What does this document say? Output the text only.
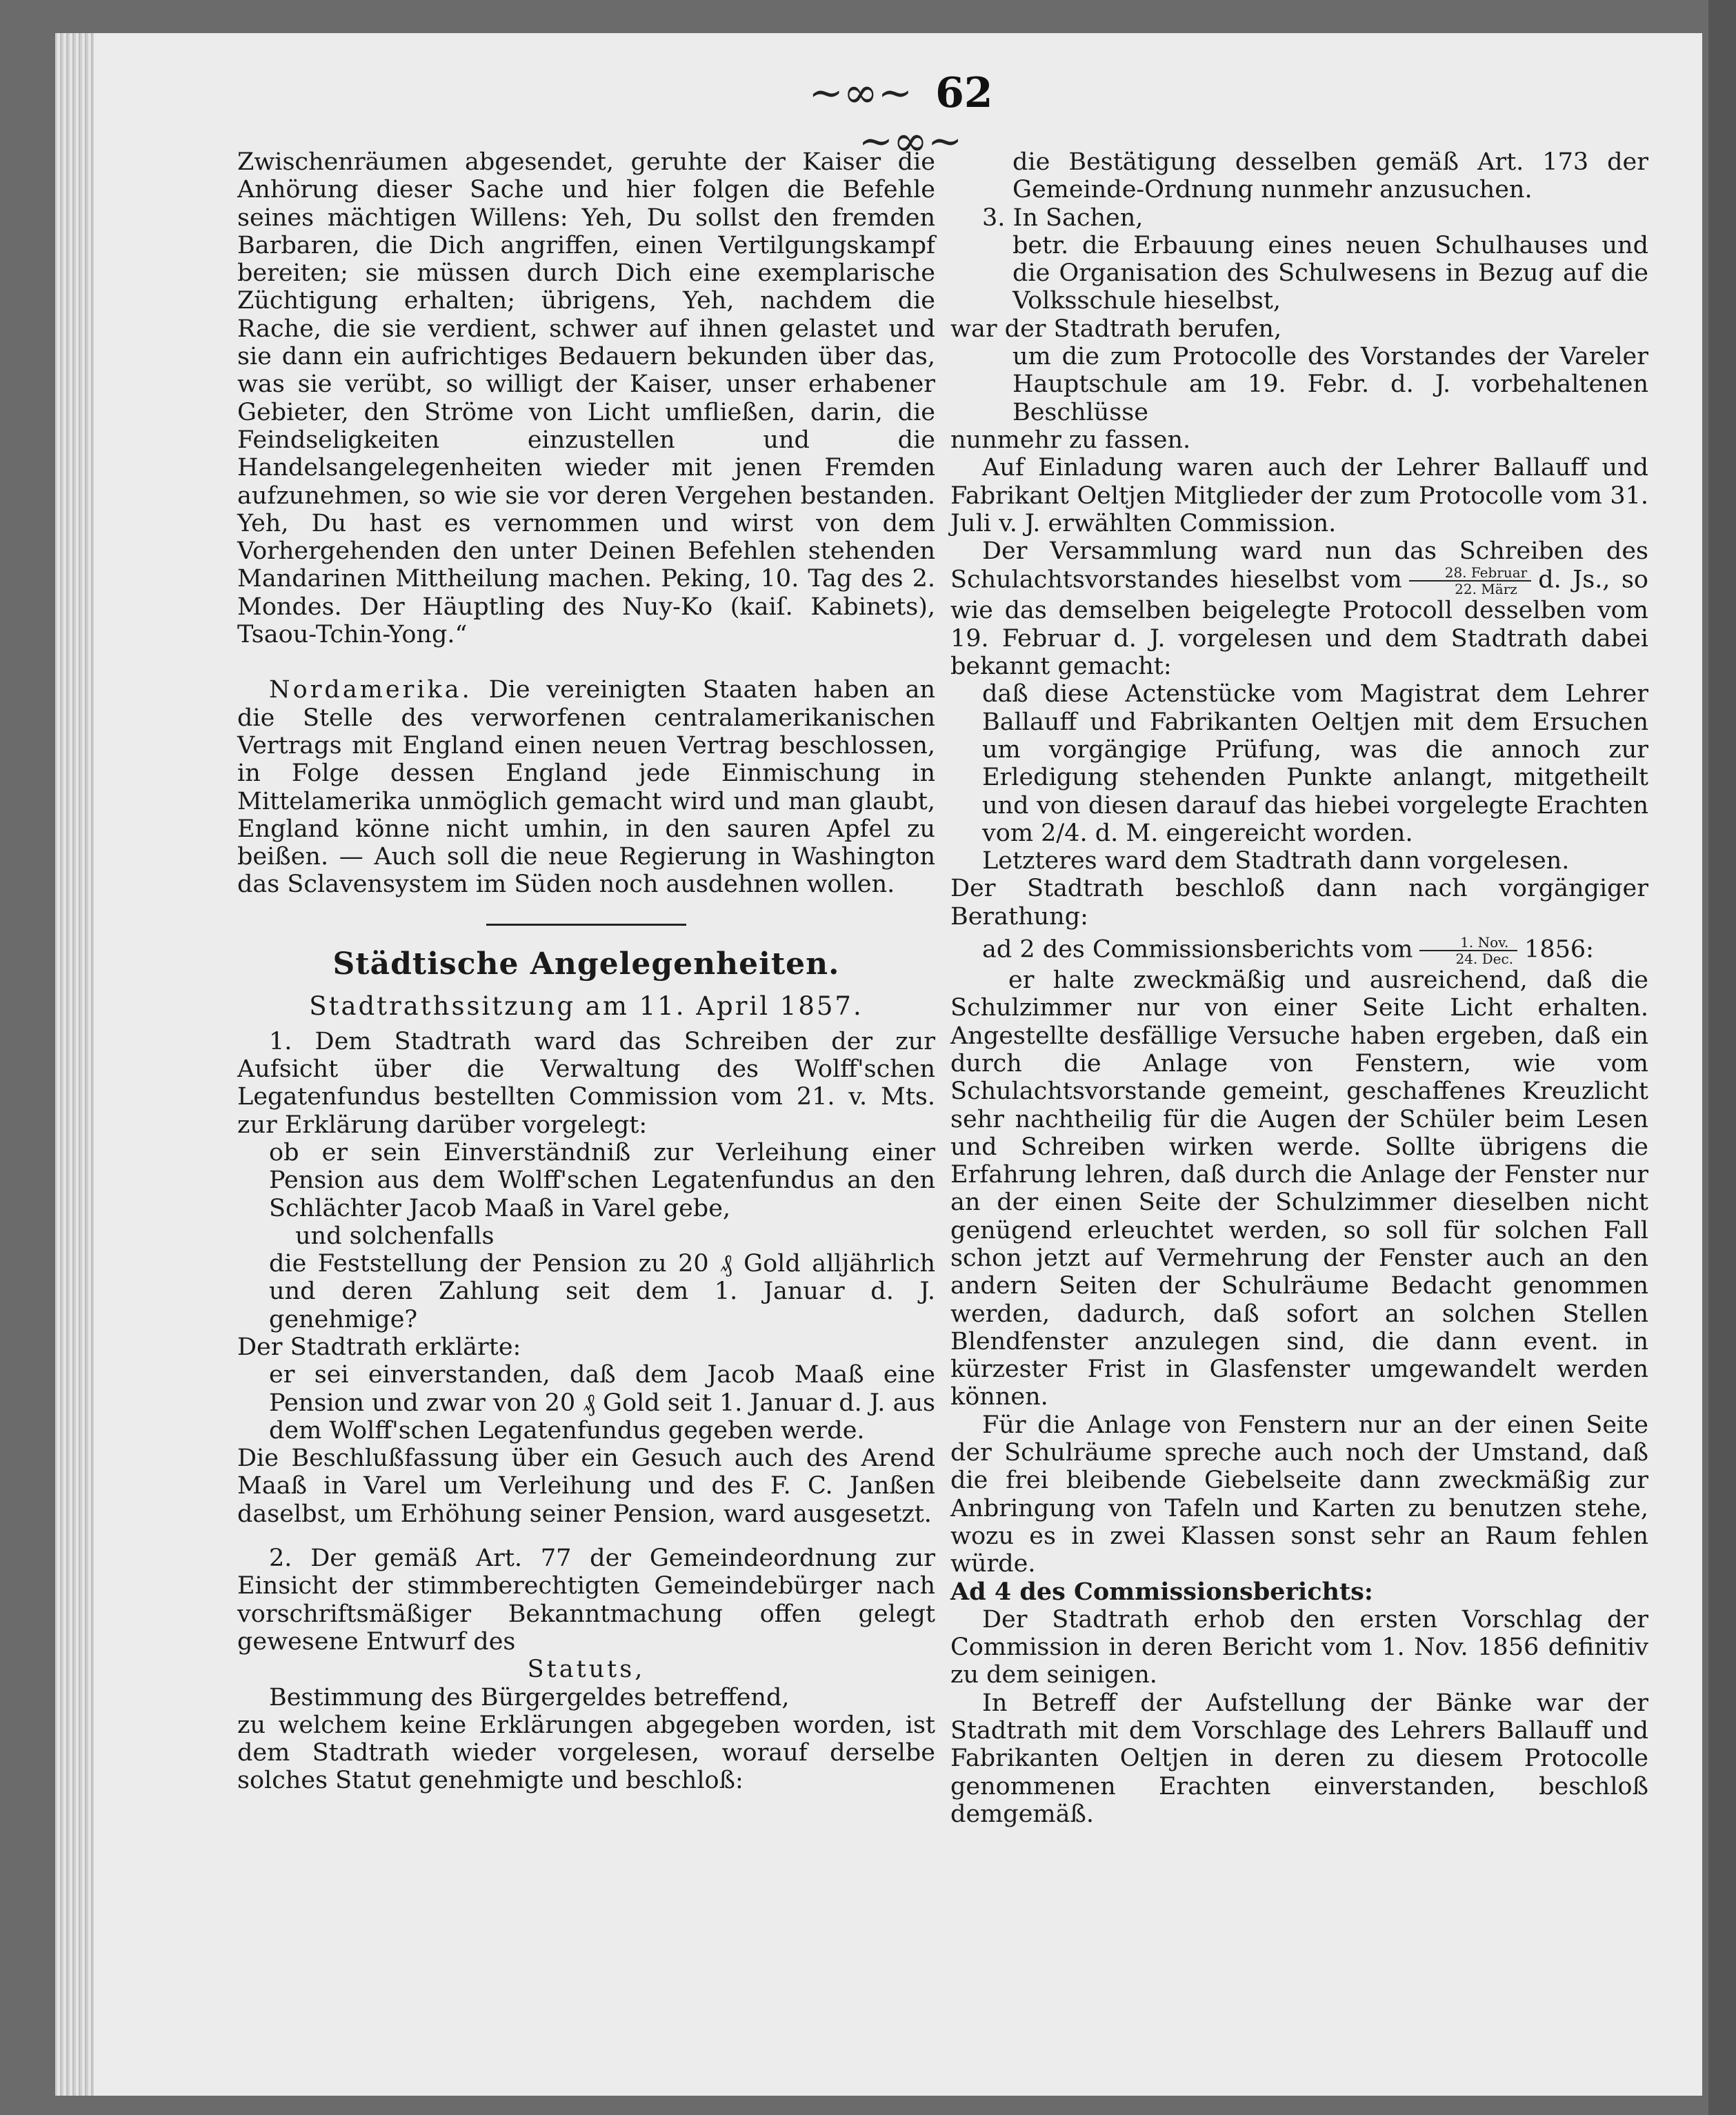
~∞~ 62 ~∞~

Zwischenräumen abgesendet, geruhte der Kaiser die Anhörung dieser Sache und hier folgen die Befehle seines mächtigen Willens: Yeh, Du sollst den fremden Barbaren, die Dich angriffen, einen Vertilgungskampf bereiten; sie müssen durch Dich eine exemplarische Züchtigung erhalten; übrigens, Yeh, nachdem die Rache, die sie verdient, schwer auf ihnen gelastet und sie dann ein aufrichtiges Bedauern bekunden über das, was sie verübt, so willigt der Kaiser, unser erhabener Gebieter, den Ströme von Licht umfließen, darin, die Feindseligkeiten einzustellen und die Handelsangelegenheiten wieder mit jenen Fremden aufzunehmen, so wie sie vor deren Vergehen bestanden. Yeh, Du hast es vernommen und wirst von dem Vorhergehenden den unter Deinen Befehlen stehenden Mandarinen Mittheilung machen. Peking, 10. Tag des 2. Mondes. Der Häuptling des Nuy-Ko (kaiſ. Kabinets), Tsaou-Tchin-Yong.“

Nordamerika. Die vereinigten Staaten haben an die Stelle des verworfenen centralamerikanischen Vertrags mit England einen neuen Vertrag beschlossen, in Folge dessen England jede Einmischung in Mittelamerika unmöglich gemacht wird und man glaubt, England könne nicht umhin, in den sauren Apfel zu beißen. — Auch soll die neue Regierung in Washington das Sclavensystem im Süden noch ausdehnen wollen.

Städtische Angelegenheiten.
Stadtrathssitzung am 11. April 1857.

1. Dem Stadtrath ward das Schreiben der zur Aufsicht über die Verwaltung des Wolff'schen Legatenfundus bestellten Commission vom 21. v. Mts. zur Erklärung darüber vorgelegt:

ob er sein Einverständniß zur Verleihung einer Pension aus dem Wolff'schen Legatenfundus an den Schlächter Jacob Maaß in Varel gebe,

und solchenfalls

die Feststellung der Pension zu 20 ₰ Gold alljährlich und deren Zahlung seit dem 1. Januar d. J. genehmige?

Der Stadtrath erklärte:

er sei einverstanden, daß dem Jacob Maaß eine Pension und zwar von 20 ₰ Gold seit 1. Januar d. J. aus dem Wolff'schen Legatenfundus gegeben werde.

Die Beschlußfassung über ein Gesuch auch des Arend Maaß in Varel um Verleihung und des F. C. Janßen daselbst, um Erhöhung seiner Pension, ward ausgesetzt.

2. Der gemäß Art. 77 der Gemeindeordnung zur Einsicht der stimmberechtigten Gemeindebürger nach vorschriftsmäßiger Bekanntmachung offen gelegt gewesene Entwurf des

Statuts,

Bestimmung des Bürgergeldes betreffend,

zu welchem keine Erklärungen abgegeben worden, ist dem Stadtrath wieder vorgelesen, worauf derselbe solches Statut genehmigte und beschloß:

die Bestätigung desselben gemäß Art. 173 der Gemeinde-Ordnung nunmehr anzusuchen.

3. In Sachen,

betr. die Erbauung eines neuen Schulhauses und die Organisation des Schulwesens in Bezug auf die Volksschule hieselbst,

war der Stadtrath berufen,

um die zum Protocolle des Vorstandes der Vareler Hauptschule am 19. Febr. d. J. vorbehaltenen Beschlüsse

nunmehr zu fassen.

Auf Einladung waren auch der Lehrer Ballauff und Fabrikant Oeltjen Mitglieder der zum Protocolle vom 31. Juli v. J. erwählten Commission.

Der Versammlung ward nun das Schreiben des Schulachtsvorstandes hieselbst vom $\frac{\text{28. Februar}}{\text{22. März}} d$. Js., so wie das demselben beigelegte Protocoll desselben vom 19. Februar d. J. vorgelesen und dem Stadtrath dabei bekannt gemacht:

daß diese Actenstücke vom Magistrat dem Lehrer Ballauff und Fabrikanten Oeltjen mit dem Ersuchen um vorgängige Prüfung, was die annoch zur Erledigung stehenden Punkte anlangt, mitgetheilt und von diesen darauf das hiebei vorgelegte Erachten vom 2/4. d. M. eingereicht worden.

Letzteres ward dem Stadtrath dann vorgelesen.

Der Stadtrath beschloß dann nach vorgängiger Berathung:

ad 2 des Commissionsberichts vom $\frac{\text{1. Nov.}}{\text{24. Dec.}} 1856$:

er halte zweckmäßig und ausreichend, daß die Schulzimmer nur von einer Seite Licht erhalten. Angestellte desfällige Versuche haben ergeben, daß ein durch die Anlage von Fenstern, wie vom Schulachtsvorstande gemeint, geschaffenes Kreuzlicht sehr nachtheilig für die Augen der Schüler beim Lesen und Schreiben wirken werde. Sollte übrigens die Erfahrung lehren, daß durch die Anlage der Fenster nur an der einen Seite der Schulzimmer dieselben nicht genügend erleuchtet werden, so soll für solchen Fall schon jetzt auf Vermehrung der Fenster auch an den andern Seiten der Schulräume Bedacht genommen werden, dadurch, daß sofort an solchen Stellen Blendfenster anzulegen sind, die dann event. in kürzester Frist in Glasfenster umgewandelt werden können.

Für die Anlage von Fenstern nur an der einen Seite der Schulräume spreche auch noch der Umstand, daß die frei bleibende Giebelseite dann zweckmäßig zur Anbringung von Tafeln und Karten zu benutzen stehe, wozu es in zwei Klassen sonst sehr an Raum fehlen würde.

Ad 4 des Commissionsberichts:

Der Stadtrath erhob den ersten Vorschlag der Commission in deren Bericht vom 1. Nov. 1856 definitiv zu dem seinigen.

In Betreff der Aufstellung der Bänke war der Stadtrath mit dem Vorschlage des Lehrers Ballauff und Fabrikanten Oeltjen in deren zu diesem Protocolle genommenen Erachten einverstanden, beschloß demgemäß.
